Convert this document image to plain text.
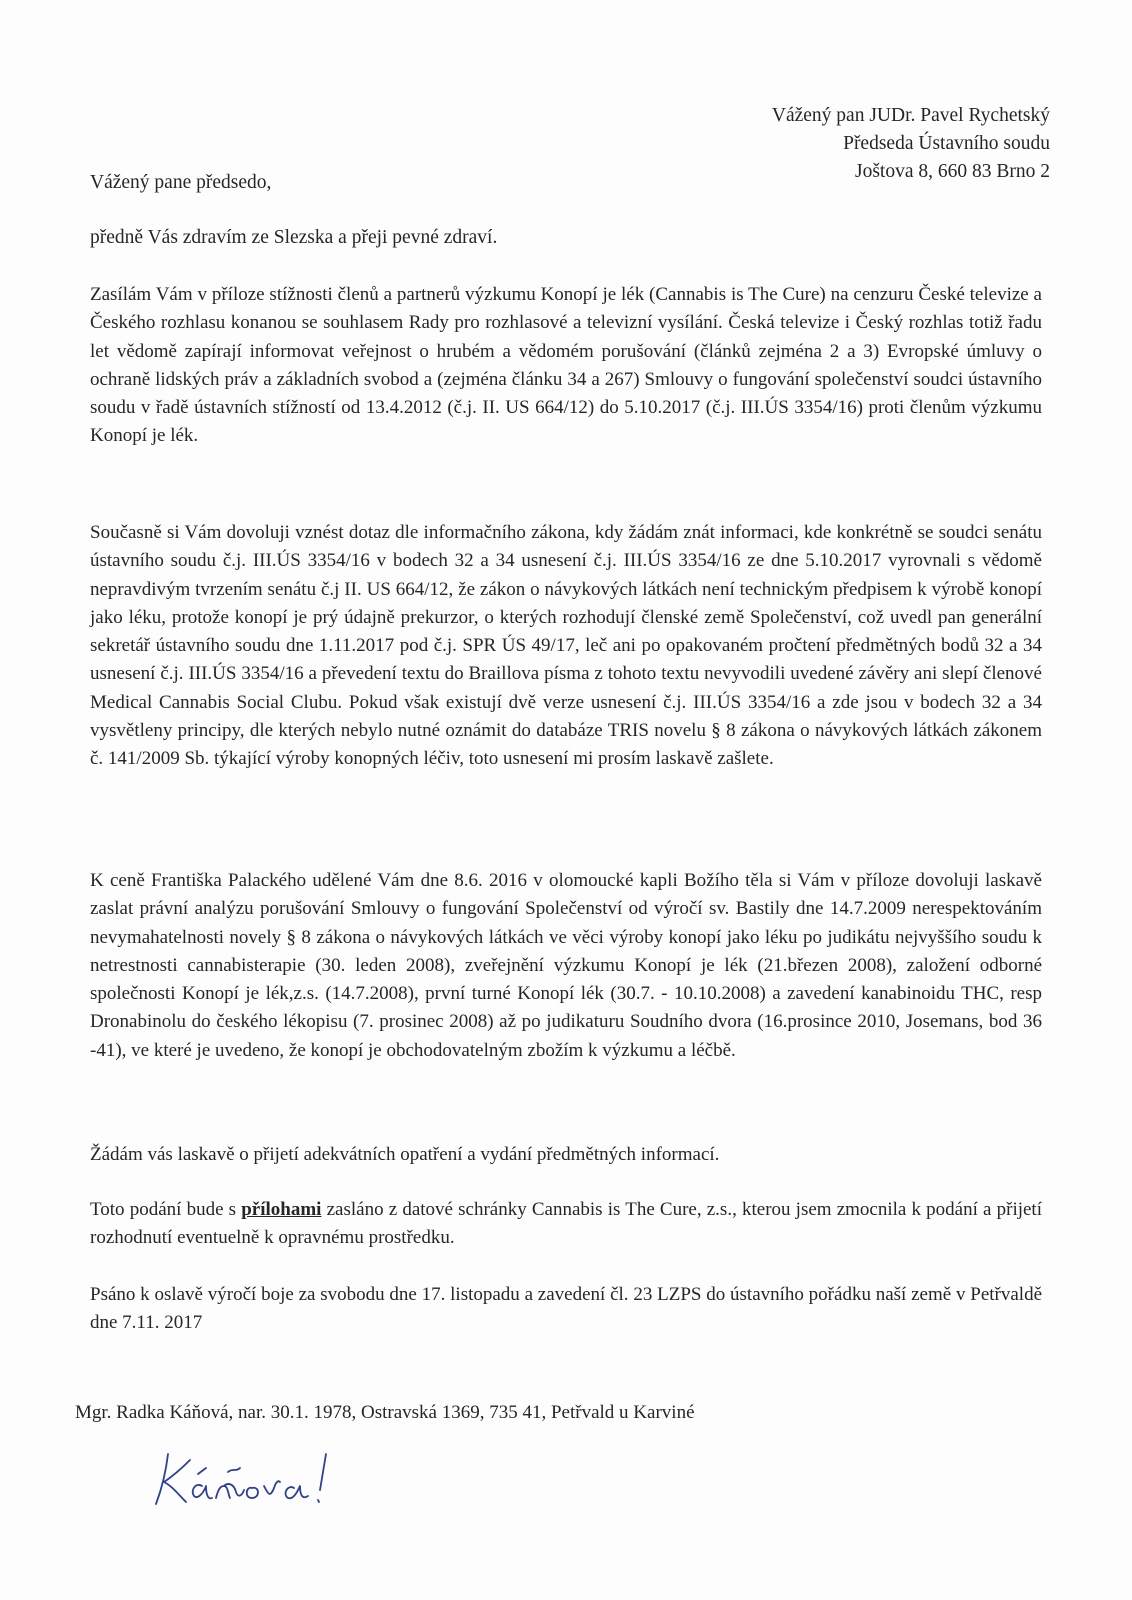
Vážený pan JUDr. Pavel Rychetský
Předseda Ústavního soudu
Joštova 8, 660 83 Brno 2
Vážený pane předsedo,
předně Vás zdravím ze Slezska a přeji pevné zdraví.

Zasílám Vám v příloze stížnosti členů a partnerů výzkumu Konopí je lék (Cannabis is The Cure) na cenzuru České televize a Českého rozhlasu konanou se souhlasem Rady pro rozhlasové a televizní vysílání. Česká televize i Český rozhlas totiž řadu let vědomě zapírají informovat veřejnost o hrubém a vědomém porušování (článků zejména 2 a 3) Evropské úmluvy o ochraně lidských práv a základních svobod a (zejména článku 34 a 267) Smlouvy o fungování společenství soudci ústavního soudu v řadě ústavních stížností od 13.4.2012 (č.j. II. US 664/12) do 5.10.2017 (č.j. III.ÚS 3354/16) proti členům výzkumu Konopí je lék.

Současně si Vám dovoluji vznést dotaz dle informačního zákona, kdy žádám znát informaci, kde konkrétně se soudci senátu ústavního soudu č.j. III.ÚS 3354/16 v bodech 32 a 34 usnesení č.j. III.ÚS 3354/16 ze dne 5.10.2017 vyrovnali s vědomě nepravdivým tvrzením senátu č.j II. US 664/12, že zákon o návykových látkách není technickým předpisem k výrobě konopí jako léku, protože konopí je prý údajně prekurzor, o kterých rozhodují členské země Společenství, což uvedl pan generální sekretář ústavního soudu dne 1.11.2017 pod č.j. SPR ÚS 49/17, leč ani po opakovaném pročtení předmětných bodů 32 a 34 usnesení č.j. III.ÚS 3354/16 a převedení textu do Braillova písma z tohoto textu nevyvodili uvedené závěry ani slepí členové Medical Cannabis Social Clubu. Pokud však existují dvě verze usnesení č.j. III.ÚS 3354/16 a zde jsou v bodech 32 a 34 vysvětleny principy, dle kterých nebylo nutné oznámit do databáze TRIS novelu § 8 zákona o návykových látkách zákonem č. 141/2009 Sb. týkající výroby konopných léčiv, toto usnesení mi prosím laskavě zašlete.

K ceně Františka Palackého udělené Vám dne 8.6. 2016 v olomoucké kapli Božího těla si Vám v příloze dovoluji laskavě zaslat právní analýzu porušování Smlouvy o fungování Společenství od výročí sv. Bastily dne 14.7.2009 nerespektováním nevymahatelnosti novely § 8 zákona o návykových látkách ve věci výroby konopí jako léku po judikátu nejvyššího soudu k netrestnosti cannabisterapie (30. leden 2008), zveřejnění výzkumu Konopí je lék (21.březen 2008), založení odborné společnosti Konopí je lék,z.s. (14.7.2008), první turné Konopí lék (30.7. - 10.10.2008) a zavedení kanabinoidu THC, resp Dronabinolu do českého lékopisu (7. prosinec 2008) až po judikaturu Soudního dvora (16.prosince 2010, Josemans, bod 36 -41), ve které je uvedeno, že konopí je obchodovatelným zbožím k výzkumu a léčbě.

Žádám vás laskavě o přijetí adekvátních opatření a vydání předmětných informací.

Toto podání bude s přílohami zasláno z datové schránky Cannabis is The Cure, z.s., kterou jsem zmocnila k podání a přijetí rozhodnutí eventuelně k opravnému prostředku.

Psáno k oslavě výročí boje za svobodu dne 17. listopadu a zavedení čl. 23 LZPS do ústavního pořádku naší země v Petřvaldě dne 7.11. 2017

Mgr. Radka Káňová, nar. 30.1. 1978, Ostravská 1369, 735 41, Petřvald u Karviné
Káňová!
